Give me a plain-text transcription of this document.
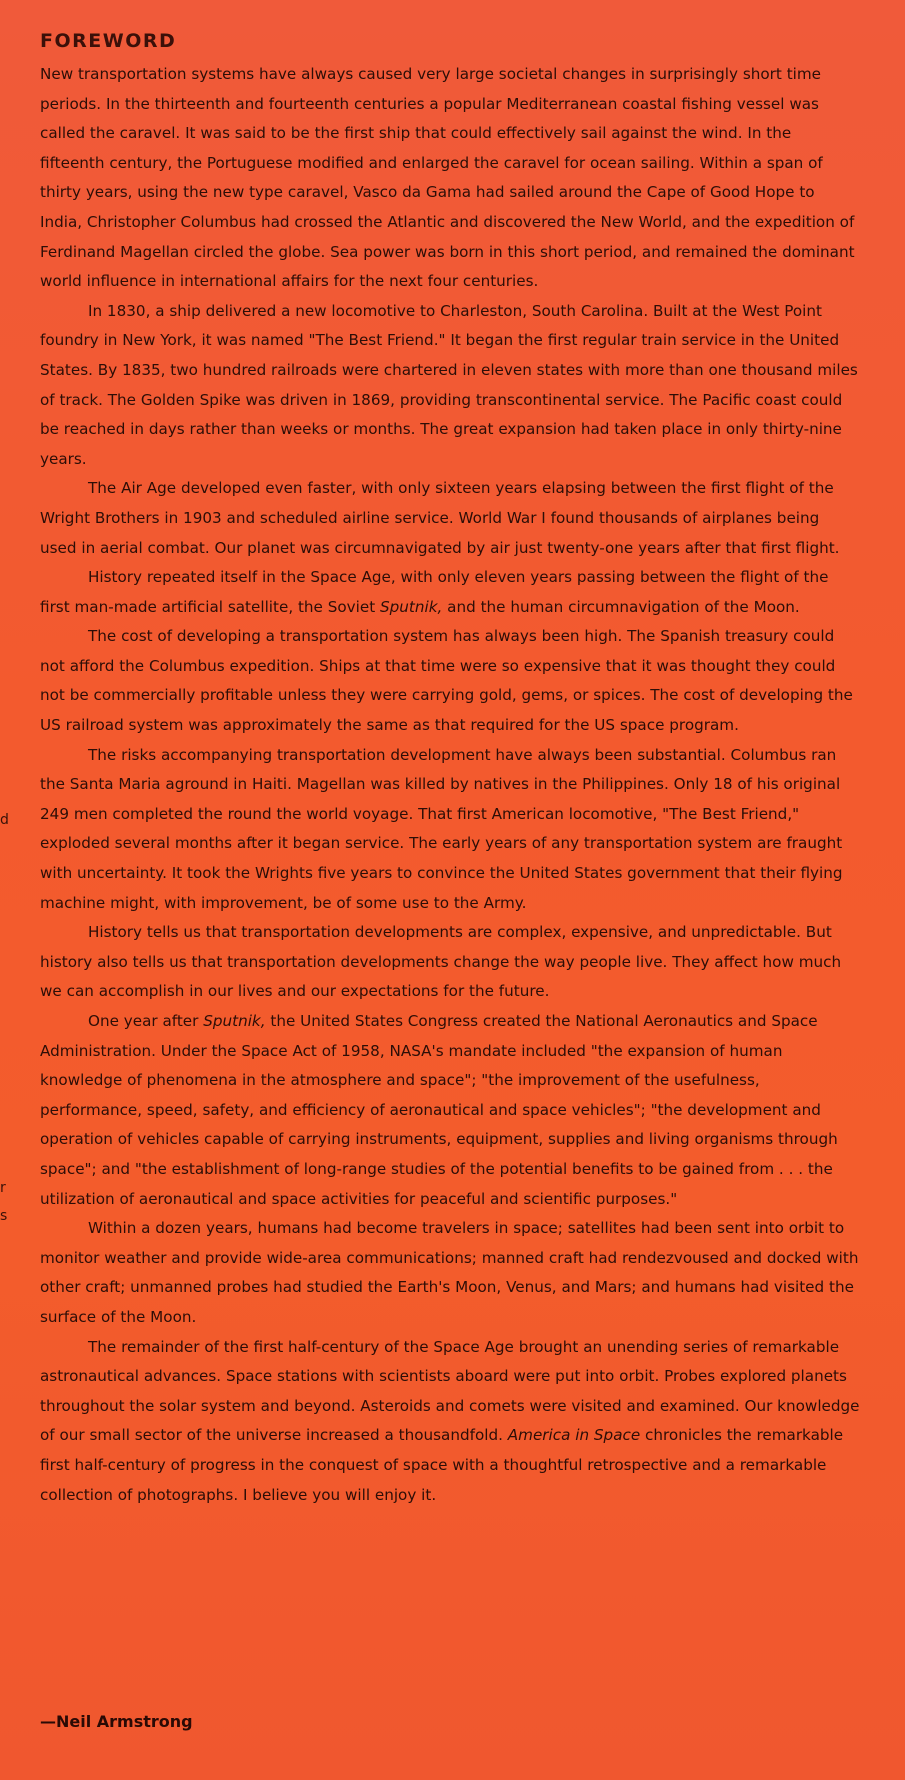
FOREWORD

New transportation systems have always caused very large societal changes in surprisingly short time periods. In the thirteenth and fourteenth centuries a popular Mediterranean coastal fishing vessel was called the caravel. It was said to be the first ship that could effectively sail against the wind. In the fifteenth century, the Portuguese modified and enlarged the caravel for ocean sailing. Within a span of thirty years, using the new type caravel, Vasco da Gama had sailed around the Cape of Good Hope to India, Christopher Columbus had crossed the Atlantic and discovered the New World, and the expedition of Ferdinand Magellan circled the globe. Sea power was born in this short period, and remained the dominant world influence in international affairs for the next four centuries.

In 1830, a ship delivered a new locomotive to Charleston, South Carolina. Built at the West Point foundry in New York, it was named "The Best Friend." It began the first regular train service in the United States. By 1835, two hundred railroads were chartered in eleven states with more than one thousand miles of track. The Golden Spike was driven in 1869, providing transcontinental service. The Pacific coast could be reached in days rather than weeks or months. The great expansion had taken place in only thirty-nine years.

The Air Age developed even faster, with only sixteen years elapsing between the first flight of the Wright Brothers in 1903 and scheduled airline service. World War I found thousands of airplanes being used in aerial combat. Our planet was circumnavigated by air just twenty-one years after that first flight.

History repeated itself in the Space Age, with only eleven years passing between the flight of the first man-made artificial satellite, the Soviet Sputnik, and the human circumnavigation of the Moon.

The cost of developing a transportation system has always been high. The Spanish treasury could not afford the Columbus expedition. Ships at that time were so expensive that it was thought they could not be commercially profitable unless they were carrying gold, gems, or spices. The cost of developing the US railroad system was approximately the same as that required for the US space program.

The risks accompanying transportation development have always been substantial. Columbus ran the Santa Maria aground in Haiti. Magellan was killed by natives in the Philippines. Only 18 of his original 249 men completed the round the world voyage. That first American locomotive, "The Best Friend," exploded several months after it began service. The early years of any transportation system are fraught with uncertainty. It took the Wrights five years to convince the United States government that their flying machine might, with improvement, be of some use to the Army.

History tells us that transportation developments are complex, expensive, and unpredictable. But history also tells us that transportation developments change the way people live. They affect how much we can accomplish in our lives and our expectations for the future.

One year after Sputnik, the United States Congress created the National Aeronautics and Space Administration. Under the Space Act of 1958, NASA's mandate included "the expansion of human knowledge of phenomena in the atmosphere and space"; "the improvement of the usefulness, performance, speed, safety, and efficiency of aeronautical and space vehicles"; "the development and operation of vehicles capable of carrying instruments, equipment, supplies and living organisms through space"; and "the establishment of long-range studies of the potential benefits to be gained from . . . the utilization of aeronautical and space activities for peaceful and scientific purposes."

Within a dozen years, humans had become travelers in space; satellites had been sent into orbit to monitor weather and provide wide-area communications; manned craft had rendezvoused and docked with other craft; unmanned probes had studied the Earth's Moon, Venus, and Mars; and humans had visited the surface of the Moon.

The remainder of the first half-century of the Space Age brought an unending series of remarkable astronautical advances. Space stations with scientists aboard were put into orbit. Probes explored planets throughout the solar system and beyond. Asteroids and comets were visited and examined. Our knowledge of our small sector of the universe increased a thousandfold. America in Space chronicles the remarkable first half-century of progress in the conquest of space with a thoughtful retrospective and a remarkable collection of photographs. I believe you will enjoy it.

—Neil Armstrong
d
r
s
